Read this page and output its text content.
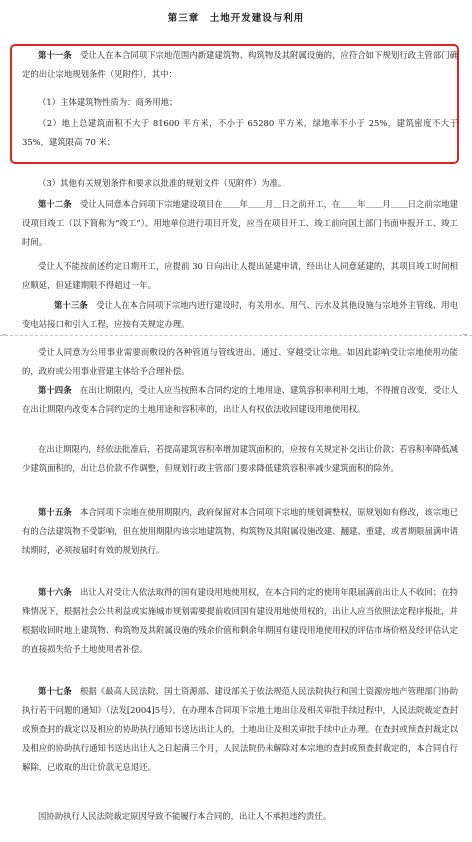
第三章　土地开发建设与利用

第十一条  受让人在本合同项下宗地范围内新建建筑物、构筑物及其附属设施的，应符合如下规划行政主管部门确定的出让宗地规划条件（见附件），其中：

（1）主体建筑物性质为：商务用地；

（2）地上总建筑面积不大于 81600 平方米，不小于 65280 平方米，绿地率不小于 25%，建筑密度不大于 35%，建筑限高 70 米；

（3）其他有关规划条件和要求以批准的规划文件（见附件）为准。

第十二条  受让人同意本合同项下宗地建设项目在＿＿年＿＿月＿日之前开工，在＿＿年＿＿月＿＿日之前宗地建设项目竣工（以下简称为“竣工”）。用地单位进行项目开发，应当在项目开工、竣工前向国土部门书面申报开工、竣工时间。

受让人不能按前述约定日期开工，应提前 30 日向出让人提出延建申请，经出让人同意延建的，其项目竣工时间相应顺延，但延建期限不得超过一年。

第十三条  受让人在本合同项下宗地内进行建设时，有关用水、用气、污水及其他设施与宗地外主管线、用电变电站接口和引入工程，应按有关规定办理。

⌐	¬

受让人同意为公用事业需要而敷设的各种管道与管线进出、通过、穿越受让宗地。如因此影响受让宗地使用功能的，政府或公用事业营建主体给予合理补偿。

第十四条  在出让期限内，受让人应当按照本合同约定的土地用途、建筑容积率利用土地，不得擅自改变，受让人在出让期限内改变本合同约定的土地用途和容积率的，出让人有权依法收回建设用地使用权。

在出让期限内，经依法批准后，若提高建筑容积率增加建筑面积的，应按有关规定补交出让价款；若容积率降低减少建筑面积的，出让总价款不作调整，但规划行政主管部门要求降低建筑容积率减少建筑面积的除外。

第十五条  本合同项下宗地在使用期限内，政府保留对本合同项下宗地的规划调整权，原规划如有修改，该宗地已有的合法建筑物不受影响，但在使用期限内该宗地建筑物、构筑物及其附属设施改建、翻建、重建，或者期限届满申请续期时，必须按届时有效的规划执行。

第十六条  出让人对受让人依法取得的国有建设用地使用权，在本合同约定的使用年限届满前出让人不收回；在特殊情况下，根据社会公共利益或实施城市规划需要提前收回国有建设用地使用权的，出让人应当依照法定程序报批，并根据收回时地上建筑物、构筑物及其附属设施的残余价值和剩余年期国有建设用地使用权的评估市场价格及经评估认定的直接损失给予土地使用者补偿。

第十七条  根据《最高人民法院、国土资源部、建设部关于依法规范人民法院执行和国土资源房地产管理部门协助执行若干问题的通知》（法发[2004]5号），在办理本合同项下宗地土地出让及相关审批手续过程中，人民法院裁定查封或预查封的裁定以及相应的协助执行通知书送达出让人的，土地出让及相关审批手续中止办理。在查封或预查封裁定以及相应的协助执行通知书送达出让人之日起满三个月，人民法院仍未解除对本宗地的查封或预查封裁定的，本合同自行解除，已收取的出让价款无息退还。

因协助执行人民法院裁定原因导致不能履行本合同的，出让人不承担违约责任。
